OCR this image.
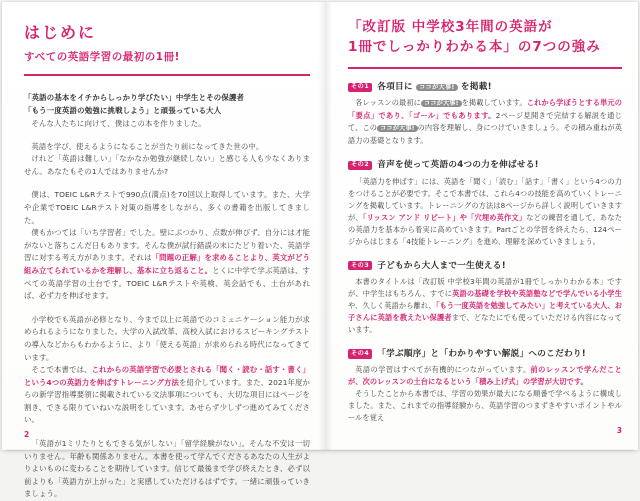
はじめに
すべての英語学習の最初の1冊!
「英語の基本をイチからしっかり学びたい」中学生とその保護者
「もう一度英語の勉強に挑戦しよう」と頑張っている大人
そんな人たちに向けて、僕はこの本を作りました。

英語を学び、使えるようになることが当たり前になってきた世の中。

けれど「英語は難しい」「なかなか勉強が継続しない」と感じる人も少なくありません。あなたもその1人ではありませんか?

僕は、TOEIC L&Rテストで990点(満点)を70回以上取得しています。また、大学や企業でTOEIC L&Rテスト対策の指導をしながら、多くの書籍を出版してきました。

僕もかつては「いち学習者」でした。壁にぶつかり、点数が伸びず、自分には才能がないと落ちこんだ日もあります。そんな僕が試行錯誤の末にたどり着いた、英語学習に対する考え方があります。それは「問題の正解」を求めることより、英文がどう組み立てられているかを理解し、基本に立ち返ること。とくに中学で学ぶ英語は、すべての英語学習の土台です。TOEIC L&Rテストや英検、英会話でも、土台があれば、必ず力を伸ばせます。

小学校でも英語が必修となり、今まで以上に英語でのコミュニケーション能力が求められるようになりました。大学の入試改革、高校入試におけるスピーキングテストの導入などからもわかるように、より「使える英語」が求められる時代になってきています。

そこで本書では、これからの英語学習で必要とされる「聞く・読む・話す・書く」という4つの英語力を伸ばすトレーニング方法を紹介しています。また、2021年度からの新学習指導要領に掲載されている文法事項についても、大切な項目にはページを割き、できる限りていねいな説明をしています。あせらず少しずつ進めてみてください。

「英語が1ミリたりともできる気がしない」「留学経験がない」。そんな不安は一切いりません。年齢も関係ありません。本書を使って学んでくださるあなたの人生がよりよいものに変わることを期待しています。信じて最後まで学び終えたとき、必ず以前よりも「英語力が上がった」と実感していただけるはずです。一緒に頑張っていきましょう。

2
「改訂版 中学校3年間の英語が
1冊でしっかりわかる本」の7つの強み
その1 各項目に ココが大事! を掲載!

各レッスンの最初に ココが大事! を掲載しています。これから学ぼうとする単元の「要点」であり、「ゴール」でもあります。2ページ見開きで完結する解説を通じて、この ココが大事! の内容を理解し、身につけていきましょう。その積み重ねが英語力の基礎となります。

その2 音声を使って英語の4つの力を伸ばせる!

「英語力を伸ばす」には、英語を「聞く」「読む」「話す」「書く」という4つの力をつけることが必要です。そこで本書では、これら4つの技能を高めていくトレーニングを掲載しています。トレーニングの方法は8ページから詳しく説明していきますが、「リッスン アンド リピート」や「穴埋め英作文」などの練習を通して、あなたの英語力を基本から着実に高めていきます。Partごとの学習を終えたら、124ページからはじまる「4技能トレーニング」を進め、理解を深めていきましょう。

その3 子どもから大人まで一生使える!

本書のタイトルは「改訂版 中学校3年間の英語が1冊でしっかりわかる本」ですが、中学生はもちろん、すでに英語の基礎を学校や英語塾などで学んでいる小学生や、久しく英語から離れ、「もう一度英語を勉強してみたい」と考えている大人、お子さんに英語を教えたい保護者まで、どなたにでも使っていただける内容になっています。

その4 「学ぶ順序」と「わかりやすい解説」へのこだわり!

英語の学習はすべてが有機的につながっています。前のレッスンで学んだことが、次のレッスンの土台になるという「積み上げ式」の学習が大切です。

そうしたことから本書では、学習の効果が最大になる順番で学べるように構成しました。また、これまでの指導経験から、英語学習のつまずきやすいポイントやルールを覚え

3
